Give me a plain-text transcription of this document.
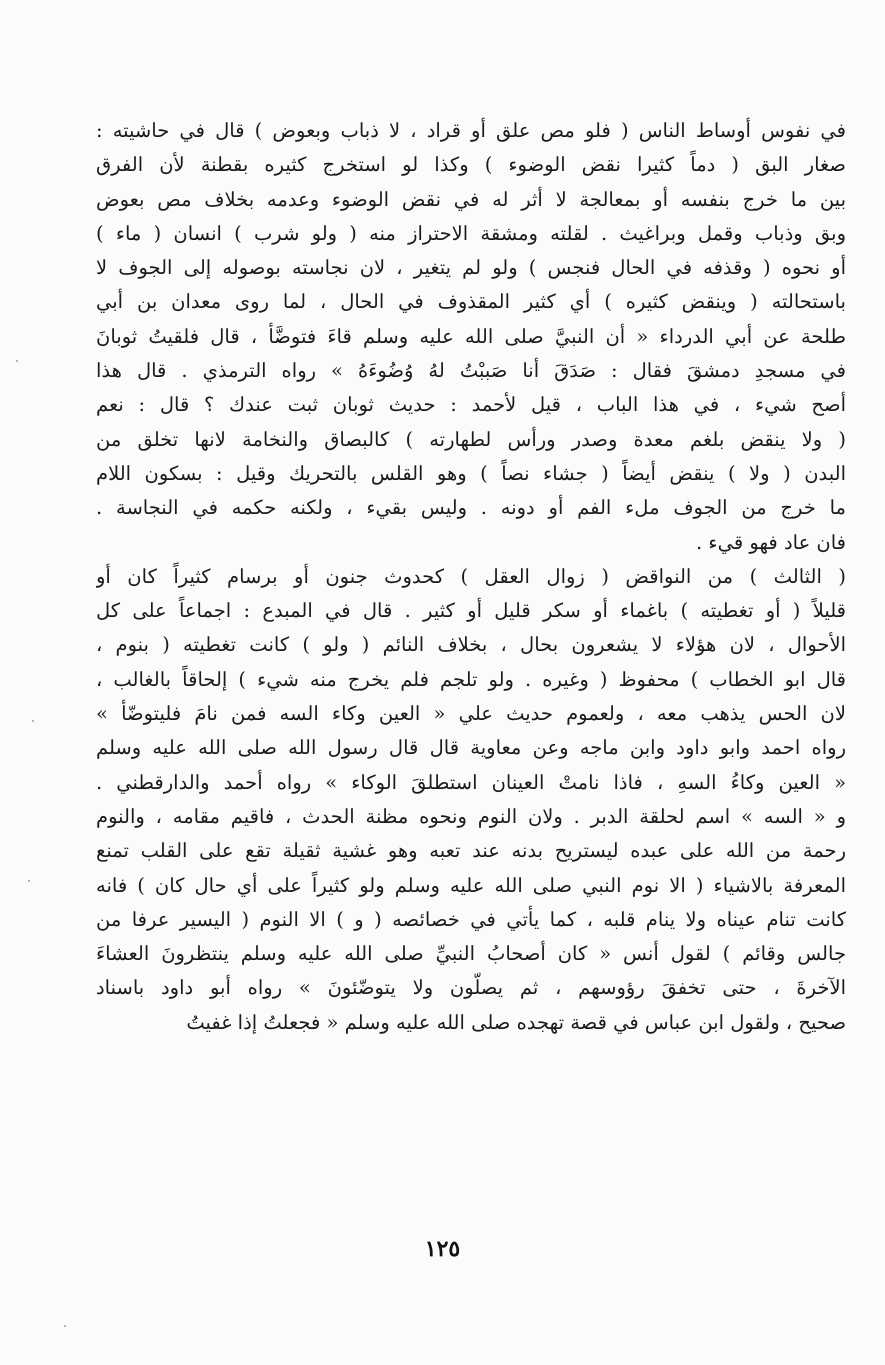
في نفوس أوساط الناس ( فلو مص علق أو قراد ، لا ذباب وبعوض ) قال في حاشيته :
صغار البق ( دماً كثيرا نقض الوضوء ) وكذا لو استخرج كثيره بقطنة لأن الفرق
بين ما خرج بنفسه أو بمعالجة لا أثر له في نقض الوضوء وعدمه بخلاف مص بعوض
وبق وذباب وقمل وبراغيث . لقلته ومشقة الاحتراز منه ( ولو شرب ) انسان ( ماء )
أو نحوه ( وقذفه في الحال فنجس ) ولو لم يتغير ، لان نجاسته بوصوله إلى الجوف لا
باستحالته ( وينقض كثيره ) أي كثير المقذوف في الحال ، لما روى معدان بن أبي
طلحة عن أبي الدرداء « أن النبيَّ صلى الله عليه وسلم قاءَ فتوضَّأ ، قال فلقيتُ ثوبانَ
في مسجدِ دمشقَ فقال : صَدَقَ أنا صَببْتُ لهُ وُضُوءَهُ » رواه الترمذي . قال هذا
أصح شيء ، في هذا الباب ، قيل لأحمد : حديث ثوبان ثبت عندك ؟ قال : نعم
( ولا ينقض بلغم معدة وصدر ورأس لطهارته ) كالبصاق والنخامة لانها تخلق من
البدن ( ولا ) ينقض أيضاً ( جشاء نصاً ) وهو القلس بالتحريك وقيل : بسكون اللام
ما خرج من الجوف ملء الفم أو دونه . وليس بقيء ، ولكنه حكمه في النجاسة .
فان عاد فهو قيء .
( الثالث ) من النواقض ( زوال العقل ) كحدوث جنون أو برسام كثيراً كان أو
قليلاً ( أو تغطيته ) باغماء أو سكر قليل أو كثير . قال في المبدع : اجماعاً على كل
الأحوال ، لان هؤلاء لا يشعرون بحال ، بخلاف النائم ( ولو ) كانت تغطيته ( بنوم ،
قال ابو الخطاب ) محفوظ ( وغيره . ولو تلجم فلم يخرج منه شيء ) إلحاقاً بالغالب ،
لان الحس يذهب معه ، ولعموم حديث علي « العين وكاء السه فمن نامَ فليتوضّأ »
رواه احمد وابو داود وابن ماجه وعن معاوية قال قال رسول الله صلى الله عليه وسلم
« العين وكاءُ السهِ ، فاذا نامتْ العينان استطلقَ الوكاء » رواه أحمد والدارقطني .
و « السه » اسم لحلقة الدبر . ولان النوم ونحوه مظنة الحدث ، فاقيم مقامه ، والنوم
رحمة من الله على عبده ليستريح بدنه عند تعبه وهو غشية ثقيلة تقع على القلب تمنع
المعرفة بالاشياء ( الا نوم النبي صلى الله عليه وسلم ولو كثيراً على أي حال كان ) فانه
كانت تنام عيناه ولا ينام قلبه ، كما يأتي في خصائصه ( و ) الا النوم ( اليسير عرفا من
جالس وقائم ) لقول أنس « كان أصحابُ النبيِّ صلى الله عليه وسلم ينتظرونَ العشاءَ
الآخرةَ ، حتى تخفقَ رؤوسهم ، ثم يصلّون ولا يتوضّئونَ » رواه أبو داود باسناد
صحيح ، ولقول ابن عباس في قصة تهجده صلى الله عليه وسلم « فجعلتُ إذا غفيتُ
١٢٥
